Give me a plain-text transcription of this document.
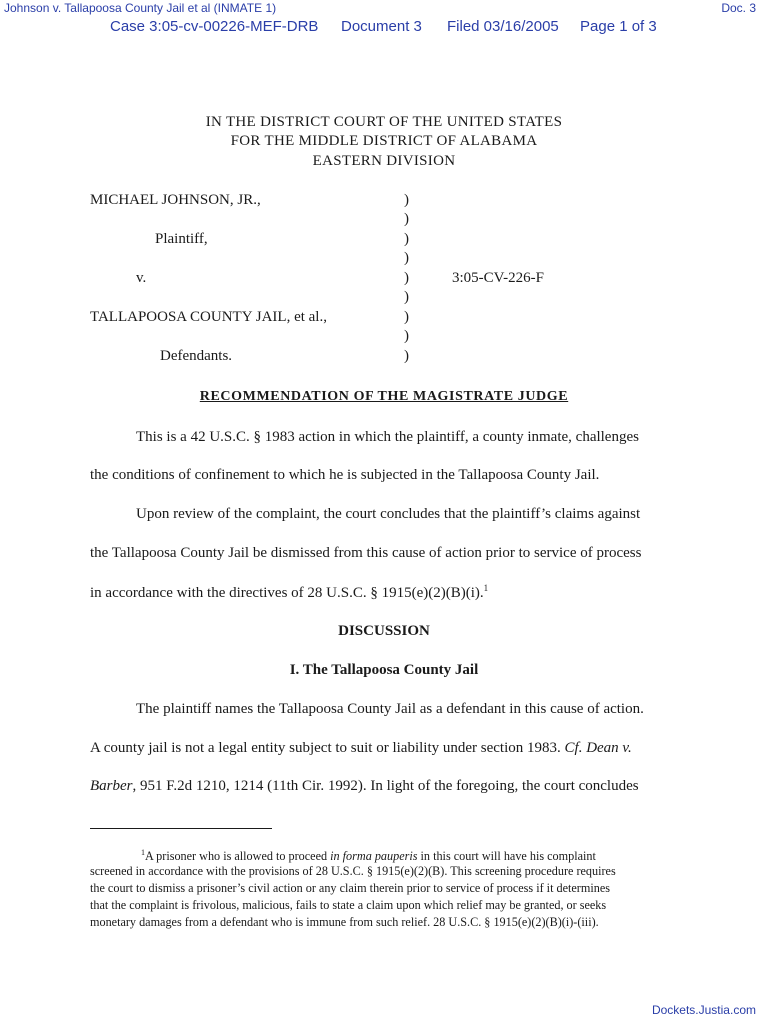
Johnson v. Tallapoosa County Jail et al (INMATE 1)	Doc. 3
Case 3:05-cv-00226-MEF-DRB Document 3 Filed 03/16/2005 Page 1 of 3
IN THE DISTRICT COURT OF THE UNITED STATES
FOR THE MIDDLE DISTRICT OF ALABAMA
EASTERN DIVISION
MICHAEL JOHNSON, JR.,
Plaintiff,
v.
TALLAPOOSA COUNTY JAIL, et al.,
Defendants.
3:05-CV-226-F
)
)
)
)
)
)
)
)
)
RECOMMENDATION OF THE MAGISTRATE JUDGE
This is a 42 U.S.C. § 1983 action in which the plaintiff, a county inmate, challenges
the conditions of confinement to which he is subjected in the Tallapoosa County Jail.
Upon review of the complaint, the court concludes that the plaintiff’s claims against
the Tallapoosa County Jail be dismissed from this cause of action prior to service of process
in accordance with the directives of 28 U.S.C. § 1915(e)(2)(B)(i).$^1$
DISCUSSION
I. The Tallapoosa County Jail
The plaintiff names the Tallapoosa County Jail as a defendant in this cause of action.
A county jail is not a legal entity subject to suit or liability under section 1983. Cf. Dean v.
Barber, 951 F.2d 1210, 1214 (11th Cir. 1992). In light of the foregoing, the court concludes
$^1$A prisoner who is allowed to proceed in forma pauperis in this court will have his complaint
screened in accordance with the provisions of 28 U.S.C. § 1915(e)(2)(B). This screening procedure requires
the court to dismiss a prisoner’s civil action or any claim therein prior to service of process if it determines
that the complaint is frivolous, malicious, fails to state a claim upon which relief may be granted, or seeks
monetary damages from a defendant who is immune from such relief. 28 U.S.C. § 1915(e)(2)(B)(i)-(iii).
Dockets.Justia.com
